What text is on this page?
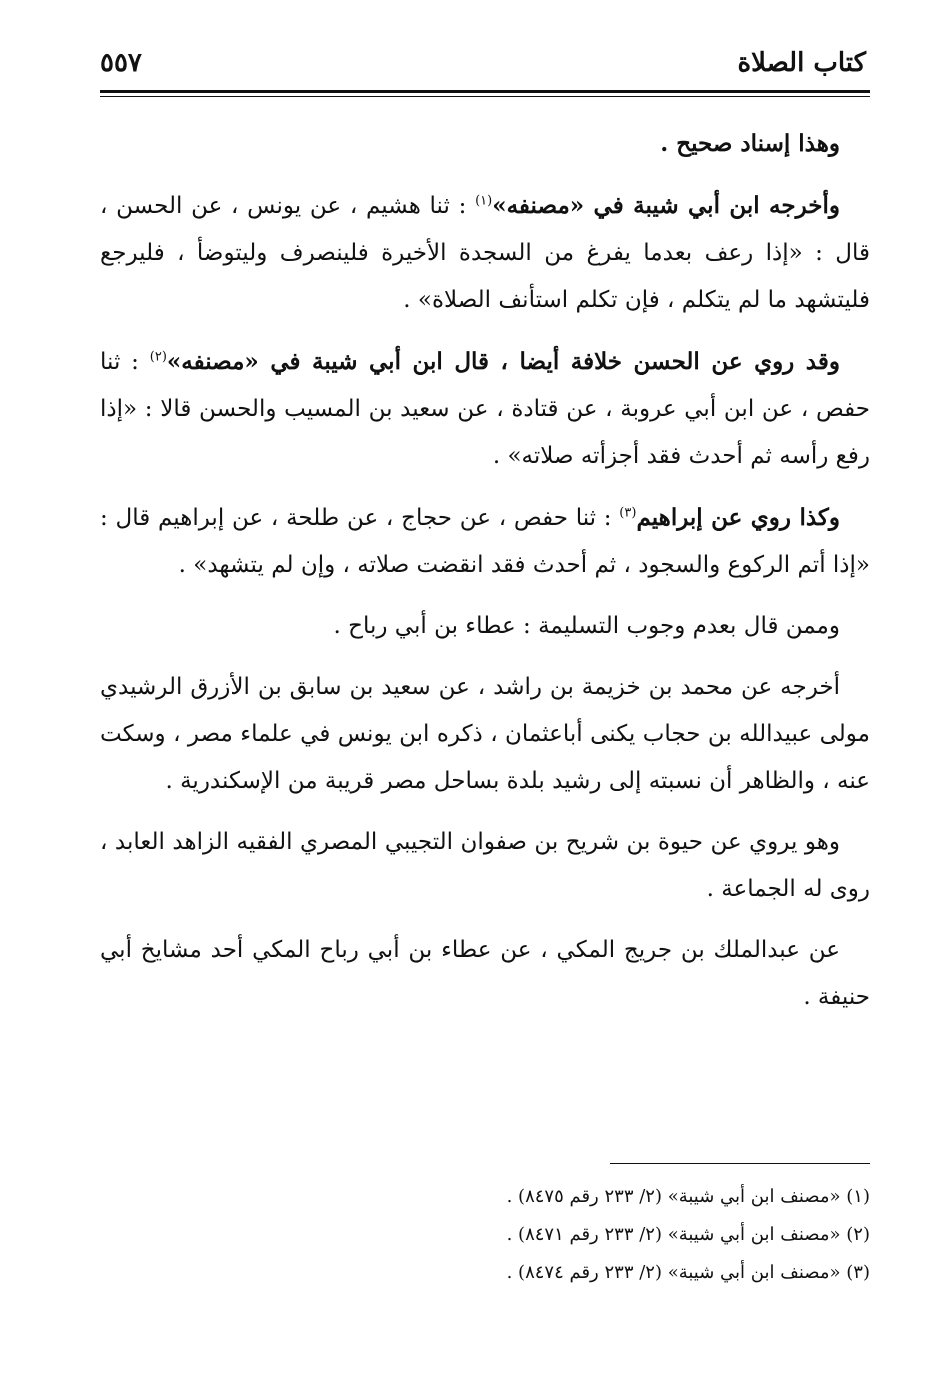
كتاب الصلاة
٥٥٧

وهذا إسناد صحيح .

وأخرجه ابن أبي شيبة في «مصنفه»$^{(١)}$ : ثنا هشيم ، عن يونس ، عن الحسن ، قال : «إذا رعف بعدما يفرغ من السجدة الأخيرة فلينصرف وليتوضأ ، فليرجع فليتشهد ما لم يتكلم ، فإن تكلم استأنف الصلاة» .

وقد روي عن الحسن خلافة أيضا ، قال ابن أبي شيبة في «مصنفه»$^{(٢)}$ : ثنا حفص ، عن ابن أبي عروبة ، عن قتادة ، عن سعيد بن المسيب والحسن قالا : «إذا رفع رأسه ثم أحدث فقد أجزأته صلاته» .

وكذا روي عن إبراهيم$^{(٣)}$ : ثنا حفص ، عن حجاج ، عن طلحة ، عن إبراهيم قال : «إذا أتم الركوع والسجود ، ثم أحدث فقد انقضت صلاته ، وإن لم يتشهد» .

وممن قال بعدم وجوب التسليمة : عطاء بن أبي رباح .

أخرجه عن محمد بن خزيمة بن راشد ، عن سعيد بن سابق بن الأزرق الرشيدي مولى عبيدالله بن حجاب يكنى أباعثمان ، ذكره ابن يونس في علماء مصر ، وسكت عنه ، والظاهر أن نسبته إلى رشيد بلدة بساحل مصر قريبة من الإسكندرية .

وهو يروي عن حيوة بن شريح بن صفوان التجيبي المصري الفقيه الزاهد العابد ، روى له الجماعة .

عن عبدالملك بن جريج المكي ، عن عطاء بن أبي رباح المكي أحد مشايخ أبي حنيفة .

(١) «مصنف ابن أبي شيبة» (٢/ ٢٣٣ رقم ٨٤٧٥) .
(٢) «مصنف ابن أبي شيبة» (٢/ ٢٣٣ رقم ٨٤٧١) .
(٣) «مصنف ابن أبي شيبة» (٢/ ٢٣٣ رقم ٨٤٧٤) .
